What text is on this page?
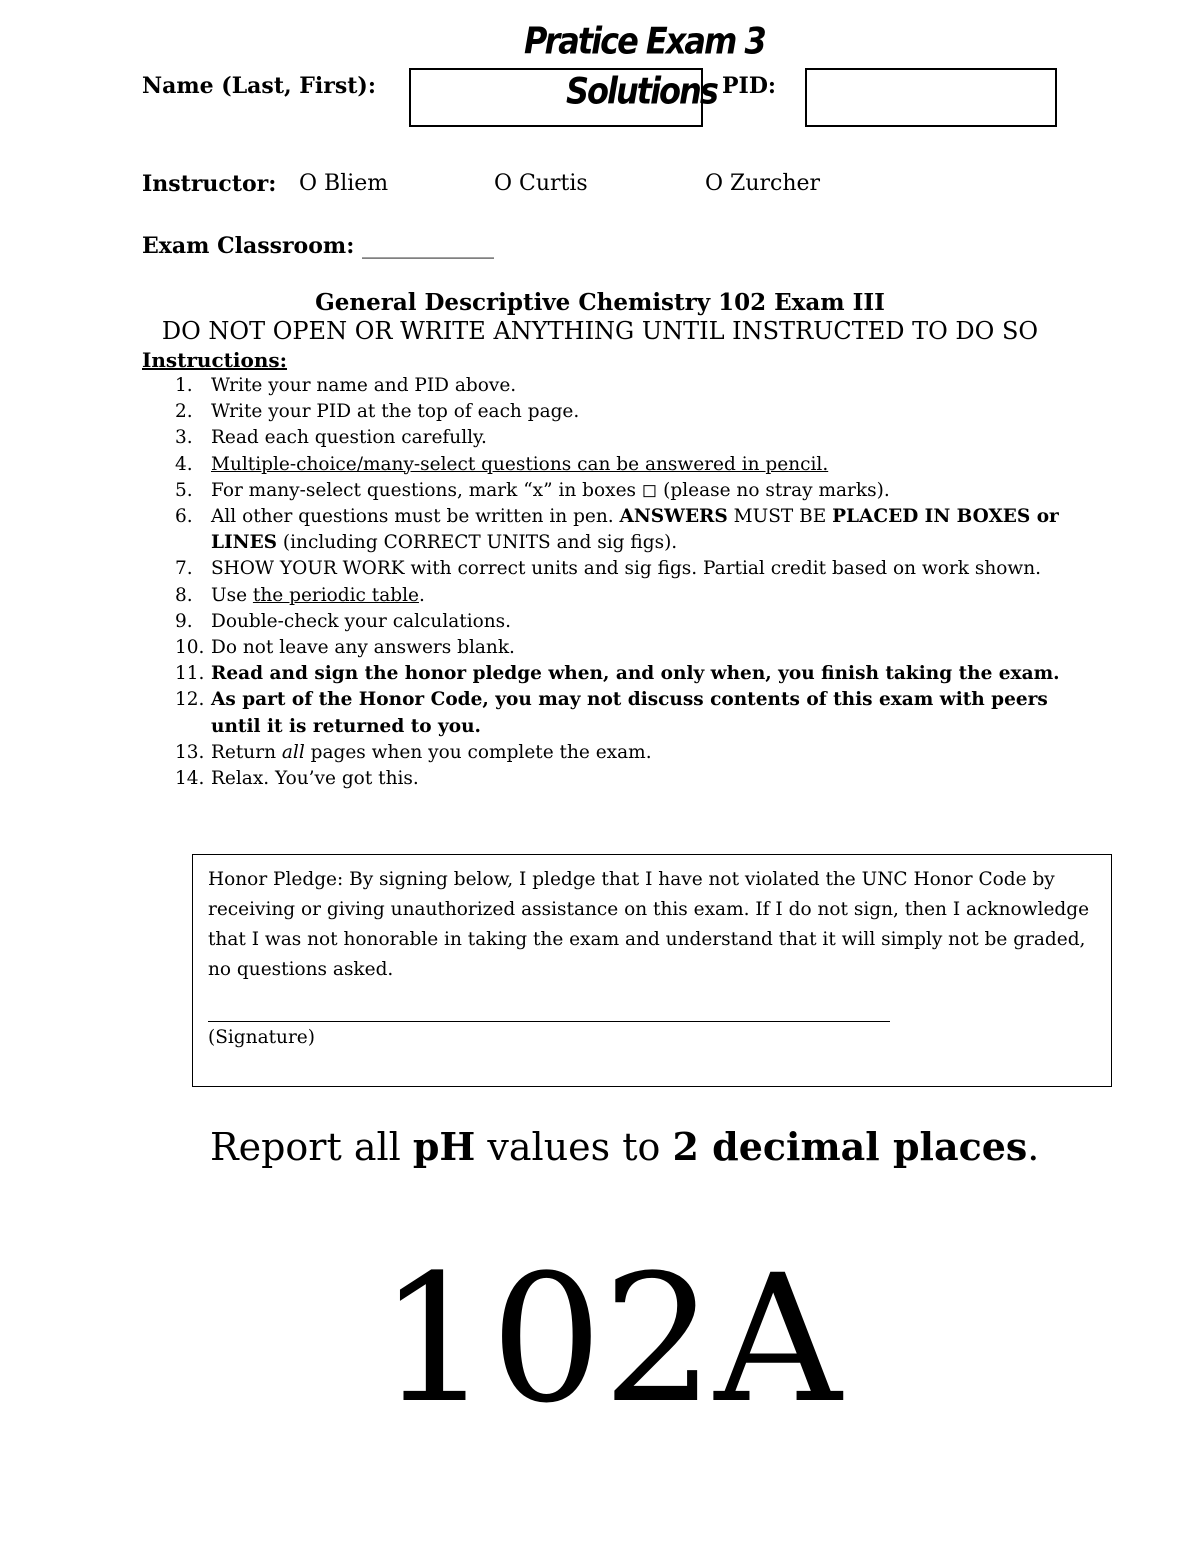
Pratice Exam 3
Name (Last, First):	Solutions PID:
Instructor: O Bliem	O Curtis	O Zurcher
Exam Classroom: ____________
General Descriptive Chemistry 102 Exam III
DO NOT OPEN OR WRITE ANYTHING UNTIL INSTRUCTED TO DO SO
Instructions:
1. Write your name and PID above.
2. Write your PID at the top of each page.
3. Read each question carefully.
4. Multiple-choice/many-select questions can be answered in pencil.
5. For many-select questions, mark “x” in boxes ◻ (please no stray marks).
6. All other questions must be written in pen. ANSWERS MUST BE PLACED IN BOXES or LINES (including CORRECT UNITS and sig figs).
7. SHOW YOUR WORK with correct units and sig figs. Partial credit based on work shown.
8. Use the periodic table.
9. Double-check your calculations.
10. Do not leave any answers blank.
11. Read and sign the honor pledge when, and only when, you finish taking the exam.
12. As part of the Honor Code, you may not discuss contents of this exam with peers until it is returned to you.
13. Return all pages when you complete the exam.
14. Relax. You’ve got this.
Honor Pledge: By signing below, I pledge that I have not violated the UNC Honor Code by receiving or giving unauthorized assistance on this exam. If I do not sign, then I acknowledge that I was not honorable in taking the exam and understand that it will simply not be graded, no questions asked.
(Signature)
Report all pH values to 2 decimal places.
102A
